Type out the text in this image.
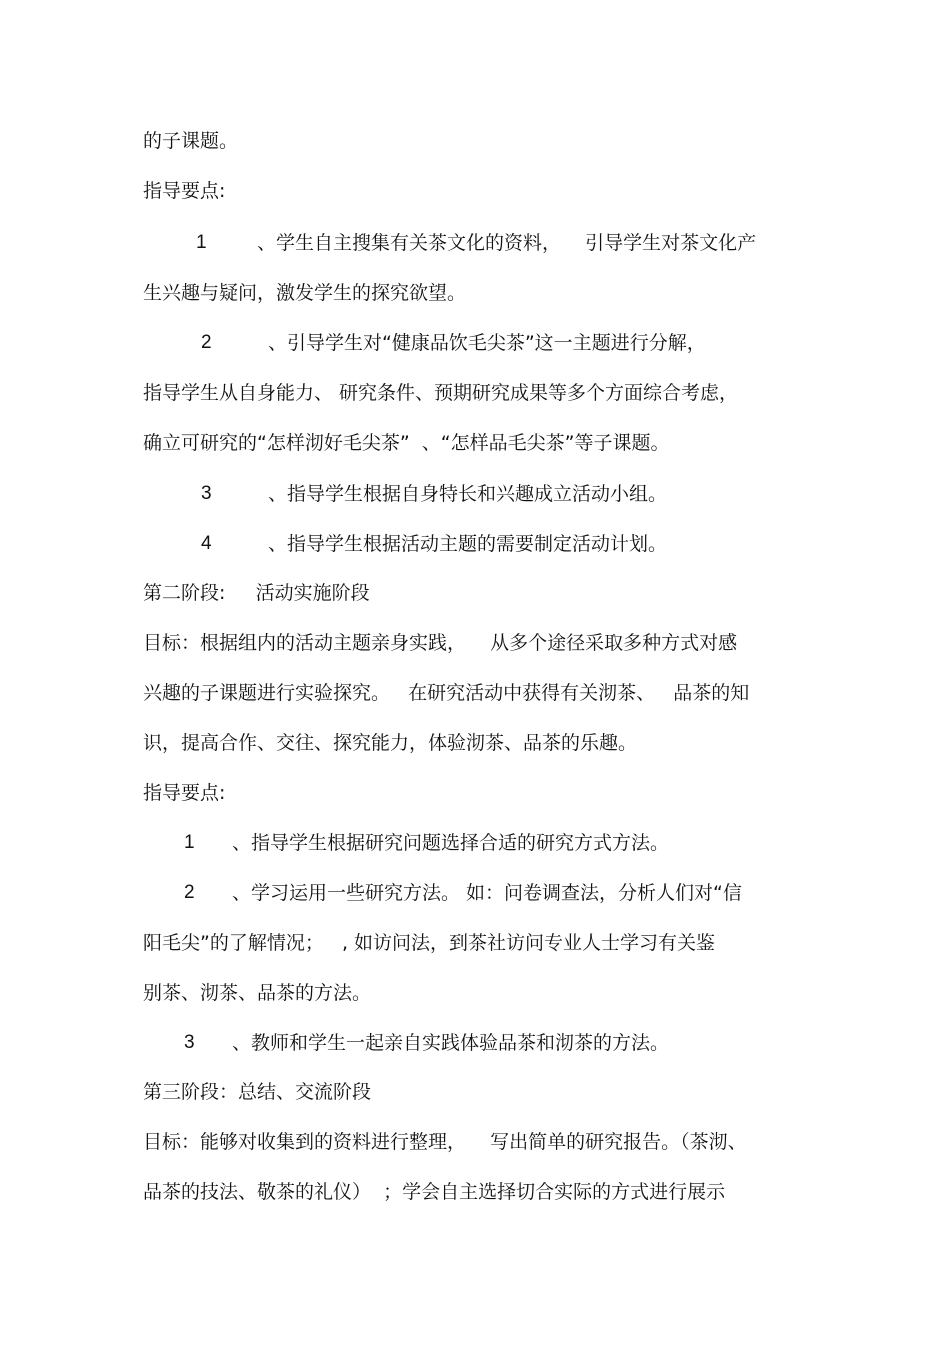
的子课题。
指导要点:
1	、学生自主搜集有关茶文化的资料，    引导学生对茶文化产
生兴趣与疑问，激发学生的探究欲望。
2	、引导学生对“健康品饮毛尖茶”这一主题进行分解，
指导学生从自身能力、 研究条件、预期研究成果等多个方面综合考虑，
确立可研究的“怎样沏好毛尖茶”  、“怎样品毛尖茶”等子课题。
3	、指导学生根据自身特长和兴趣成立活动小组。
4	、指导学生根据活动主题的需要制定活动计划。
第二阶段:     活动实施阶段
目标：根据组内的活动主题亲身实践，    从多个途径采取多种方式对感
兴趣的子课题进行实验探究。   在研究活动中获得有关沏茶、   品茶的知
识，提高合作、交往、探究能力，体验沏茶、品茶的乐趣。
指导要点:
1 、指导学生根据研究问题选择合适的研究方式方法。
2 、学习运用一些研究方法。 如：问卷调查法，分析人们对“信
阳毛尖”的了解情况；   , 如访问法，到茶社访问专业人士学习有关鉴
别茶、沏茶、品茶的方法。
3 、教师和学生一起亲自实践体验品茶和沏茶的方法。
第三阶段：总结、交流阶段
目标：能够对收集到的资料进行整理，    写出简单的研究报告。（茶沏、
品茶的技法、敬茶的礼仪）  ；学会自主选择切合实际的方式进行展示
